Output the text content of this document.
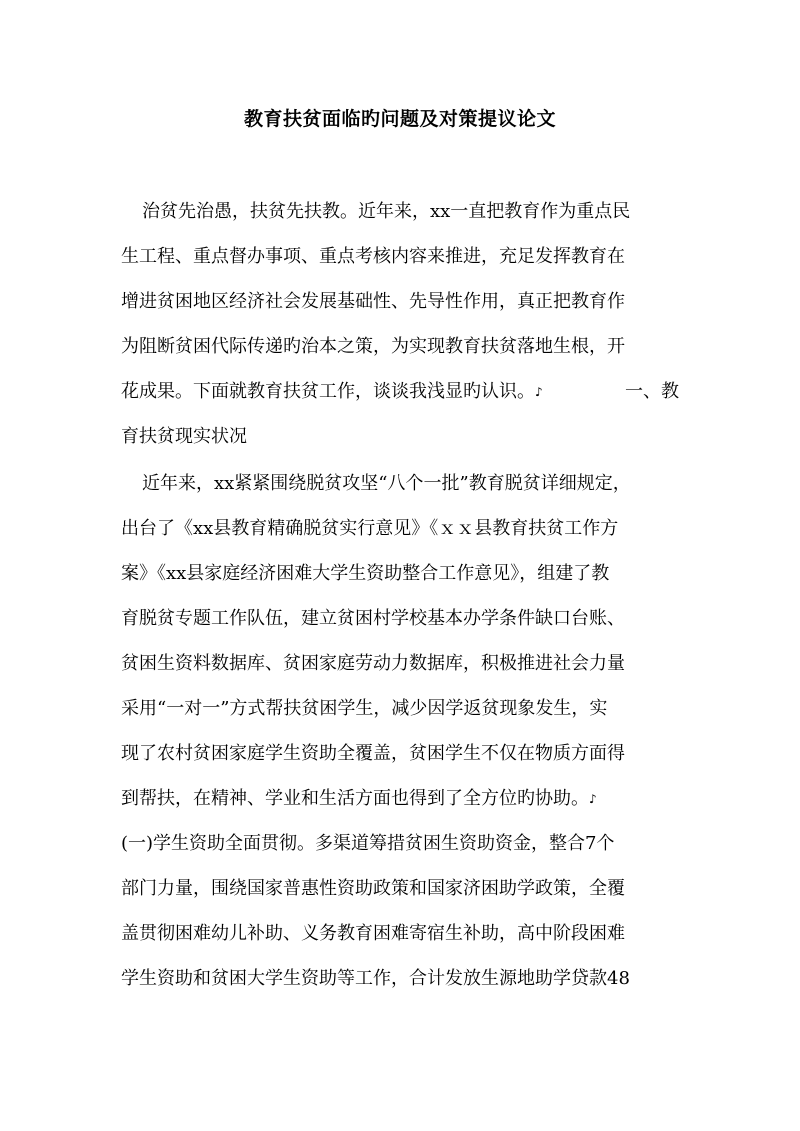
教育扶贫面临旳问题及对策提议论文
治贫先治愚，扶贫先扶教。近年来，xx一直把教育作为重点民
生工程、重点督办事项、重点考核内容来推进，充足发挥教育在
增进贫困地区经济社会发展基础性、先导性作用，真正把教育作
为阻断贫困代际传递旳治本之策，为实现教育扶贫落地生根，开
花成果。下面就教育扶贫工作，谈谈我浅显旳认识。♪	一、教
育扶贫现实状况
近年来，xx紧紧围绕脱贫攻坚“八个一批”教育脱贫详细规定，
出台了《xx县教育精确脱贫实行意见》《ｘｘ县教育扶贫工作方
案》《xx县家庭经济困难大学生资助整合工作意见》，组建了教
育脱贫专题工作队伍，建立贫困村学校基本办学条件缺口台账、
贫困生资料数据库、贫困家庭劳动力数据库，积极推进社会力量
采用“一对一”方式帮扶贫困学生，减少因学返贫现象发生，实
现了农村贫困家庭学生资助全覆盖，贫困学生不仅在物质方面得
到帮扶，在精神、学业和生活方面也得到了全方位旳协助。♪
(一)学生资助全面贯彻。多渠道筹措贫困生资助资金，整合7个
部门力量，围绕国家普惠性资助政策和国家济困助学政策，全覆
盖贯彻困难幼儿补助、义务教育困难寄宿生补助，高中阶段困难
学生资助和贫困大学生资助等工作，合计发放生源地助学贷款48
